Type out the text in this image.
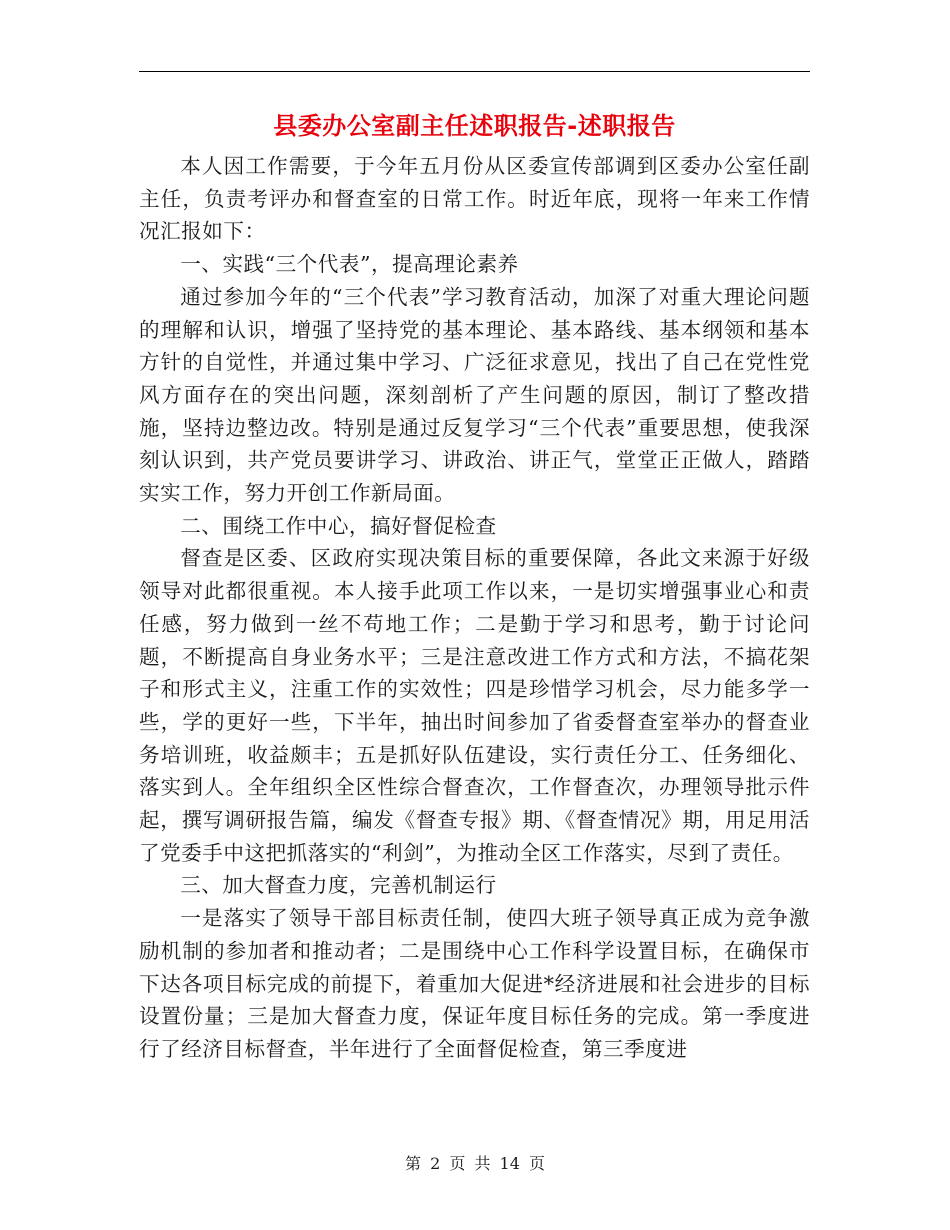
县委办公室副主任述职报告-述职报告

本人因工作需要，于今年五月份从区委宣传部调到区委办公室任副主任，负责考评办和督查室的日常工作。时近年底，现将一年来工作情况汇报如下：

一、实践“三个代表”，提高理论素养

通过参加今年的“三个代表”学习教育活动，加深了对重大理论问题的理解和认识，增强了坚持党的基本理论、基本路线、基本纲领和基本方针的自觉性，并通过集中学习、广泛征求意见，找出了自己在党性党风方面存在的突出问题，深刻剖析了产生问题的原因，制订了整改措施，坚持边整边改。特别是通过反复学习“三个代表”重要思想，使我深刻认识到，共产党员要讲学习、讲政治、讲正气，堂堂正正做人，踏踏实实工作，努力开创工作新局面。

二、围绕工作中心，搞好督促检查

督查是区委、区政府实现决策目标的重要保障，各此文来源于好级领导对此都很重视。本人接手此项工作以来，一是切实增强事业心和责任感，努力做到一丝不苟地工作；二是勤于学习和思考，勤于讨论问题，不断提高自身业务水平；三是注意改进工作方式和方法，不搞花架子和形式主义，注重工作的实效性；四是珍惜学习机会，尽力能多学一些，学的更好一些，下半年，抽出时间参加了省委督查室举办的督查业务培训班，收益颇丰；五是抓好队伍建设，实行责任分工、任务细化、落实到人。全年组织全区性综合督查次，工作督查次，办理领导批示件起，撰写调研报告篇，编发《督查专报》期、《督查情况》期，用足用活了党委手中这把抓落实的“利剑”，为推动全区工作落实，尽到了责任。

三、加大督查力度，完善机制运行

一是落实了领导干部目标责任制，使四大班子领导真正成为竞争激励机制的参加者和推动者；二是围绕中心工作科学设置目标，在确保市下达各项目标完成的前提下，着重加大促进*经济进展和社会进步的目标设置份量；三是加大督查力度，保证年度目标任务的完成。第一季度进行了经济目标督查，半年进行了全面督促检查，第三季度进

第 2 页 共 14 页
